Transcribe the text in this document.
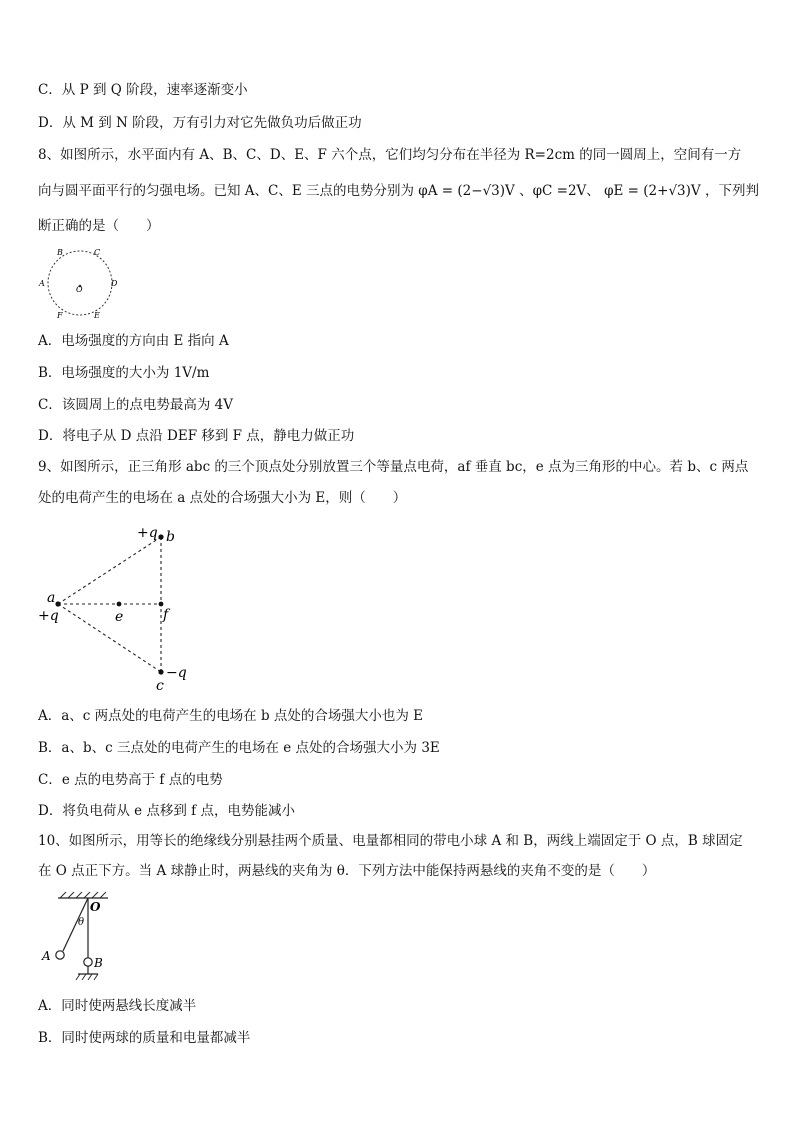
C．从 P 到 Q 阶段，速率逐渐变小
D．从 M 到 N 阶段，万有引力对它先做负功后做正功
8、如图所示，水平面内有 A、B、C、D、E、F 六个点，它们均匀分布在半径为 R=2cm 的同一圆周上，空间有一方
向与圆平面平行的匀强电场。已知 A、C、E 三点的电势分别为 φA = (2−√3)V 、φC =2V、 φE = (2+√3)V ，下列判
断正确的是（　　）
B	C
A	D
O
F	E
A．电场强度的方向由 E 指向 A
B．电场强度的大小为 1V/m
C．该圆周上的点电势最高为 4V
D．将电子从 D 点沿 DEF 移到 F 点，静电力做正功
9、如图所示，正三角形 abc 的三个顶点处分别放置三个等量点电荷，af 垂直 bc，e 点为三角形的中心。若 b、c 两点
处的电荷产生的电场在 a 点处的合场强大小为 E，则（　　）
+q b
a
+q	e	f
−q
c
A．a、c 两点处的电荷产生的电场在 b 点处的合场强大小也为 E
B．a、b、c 三点处的电荷产生的电场在 e 点处的合场强大小为 3E
C．e 点的电势高于 f 点的电势
D．将负电荷从 e 点移到 f 点，电势能减小
10、如图所示，用等长的绝缘线分别悬挂两个质量、电量都相同的带电小球 A 和 B，两线上端固定于 O 点，B 球固定
在 O 点正下方。当 A 球静止时，两悬线的夹角为 θ．下列方法中能保持两悬线的夹角不变的是（　　）
O
θ
A	B
A．同时使两悬线长度减半
B．同时使两球的质量和电量都减半
